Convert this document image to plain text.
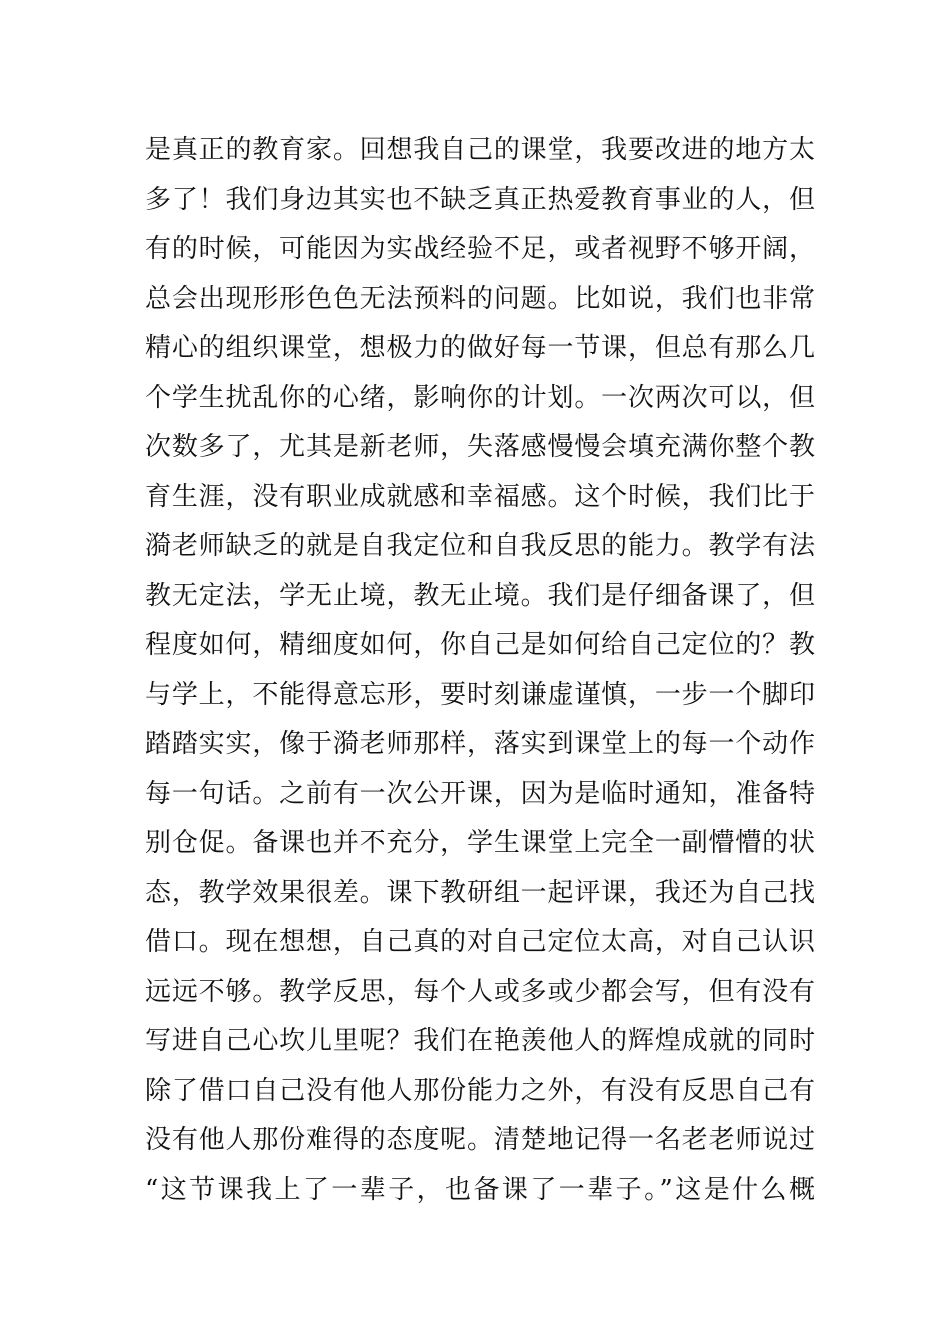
是真正的教育家。回想我自己的课堂，我要改进的地方太
多了！我们身边其实也不缺乏真正热爱教育事业的人，但
有的时候，可能因为实战经验不足，或者视野不够开阔，
总会出现形形色色无法预料的问题。比如说，我们也非常
精心的组织课堂，想极力的做好每一节课，但总有那么几
个学生扰乱你的心绪，影响你的计划。一次两次可以，但
次数多了，尤其是新老师，失落感慢慢会填充满你整个教
育生涯，没有职业成就感和幸福感。这个时候，我们比于
漪老师缺乏的就是自我定位和自我反思的能力。教学有法
教无定法，学无止境，教无止境。我们是仔细备课了，但
程度如何，精细度如何，你自己是如何给自己定位的？教
与学上，不能得意忘形，要时刻谦虚谨慎，一步一个脚印
踏踏实实，像于漪老师那样，落实到课堂上的每一个动作
每一句话。之前有一次公开课，因为是临时通知，准备特
别仓促。备课也并不充分，学生课堂上完全一副懵懵的状
态，教学效果很差。课下教研组一起评课，我还为自己找
借口。现在想想，自己真的对自己定位太高，对自己认识
远远不够。教学反思，每个人或多或少都会写，但有没有
写进自己心坎儿里呢？我们在艳羡他人的辉煌成就的同时
除了借口自己没有他人那份能力之外，有没有反思自己有
没有他人那份难得的态度呢。清楚地记得一名老老师说过
“这节课我上了一辈子，也备课了一辈子。”这是什么概
